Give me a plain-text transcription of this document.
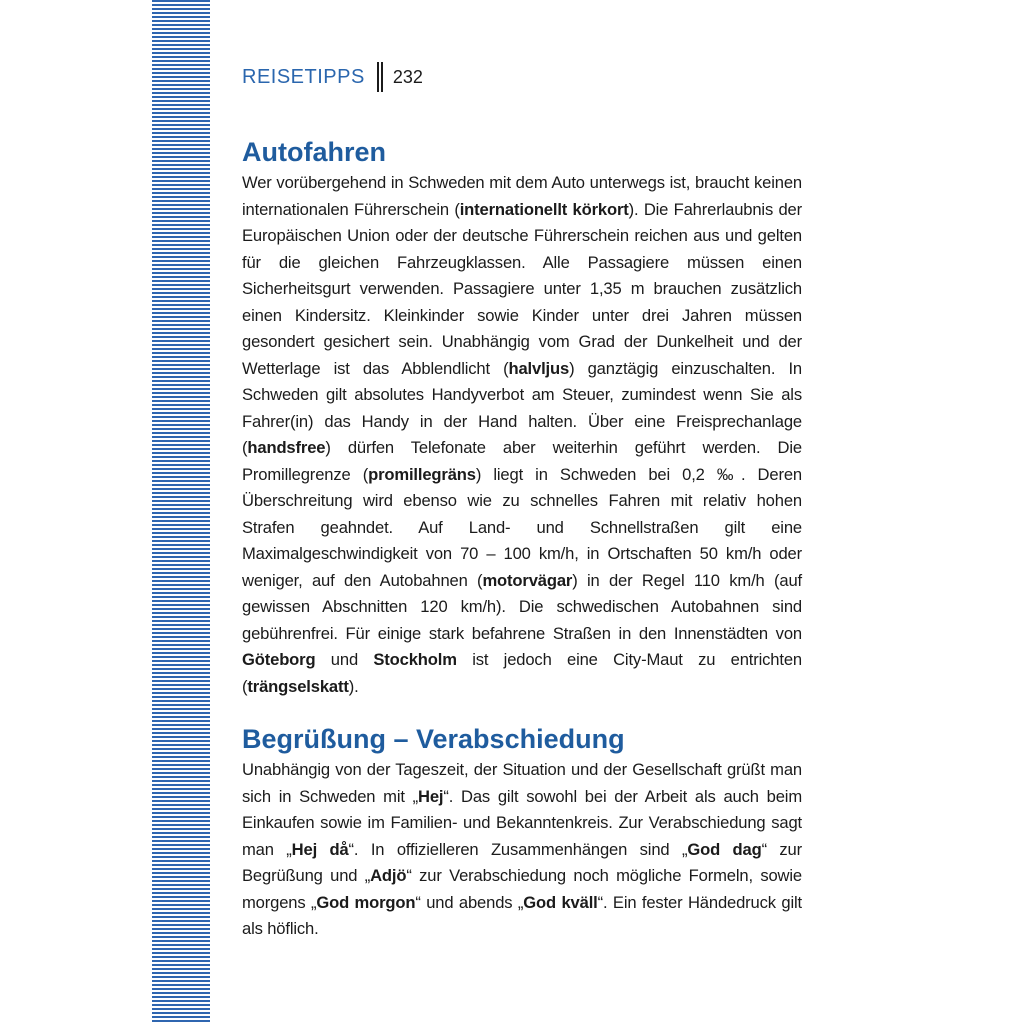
REISETIPPS 232
Autofahren

Wer vorübergehend in Schweden mit dem Auto unterwegs ist, braucht keinen internationalen Führerschein (internationellt körkort). Die Fahrerlaubnis der Europäischen Union oder der deutsche Führerschein reichen aus und gelten für die gleichen Fahrzeugklassen. Alle Passagiere müssen einen Sicherheitsgurt verwenden. Passagiere unter 1,35 m brauchen zusätzlich einen Kindersitz. Kleinkinder sowie Kinder unter drei Jahren müssen gesondert gesichert sein. Unabhängig vom Grad der Dunkelheit und der Wetterlage ist das Abblendlicht (halvljus) ganztägig einzuschalten. In Schweden gilt absolutes Handyverbot am Steuer, zumindest wenn Sie als Fahrer(in) das Handy in der Hand halten. Über eine Freisprechanlage (handsfree) dürfen Telefonate aber weiterhin geführt werden. Die Promillegrenze (promillegräns) liegt in Schweden bei 0,2 ‰. Deren Überschreitung wird ebenso wie zu schnelles Fahren mit relativ hohen Strafen geahndet. Auf Land- und Schnellstraßen gilt eine Maximalgeschwindigkeit von 70 – 100 km/h, in Ortschaften 50 km/h oder weniger, auf den Autobahnen (motorvägar) in der Regel 110 km/h (auf gewissen Abschnitten 120 km/h). Die schwedischen Autobahnen sind gebührenfrei. Für einige stark befahrene Straßen in den Innenstädten von Göteborg und Stockholm ist jedoch eine City-Maut zu entrichten (trängselskatt).

Begrüßung – Verabschiedung

Unabhängig von der Tageszeit, der Situation und der Gesellschaft grüßt man sich in Schweden mit „Hej“. Das gilt sowohl bei der Arbeit als auch beim Einkaufen sowie im Familien- und Bekanntenkreis. Zur Verabschiedung sagt man „Hej då“. In offizielleren Zusammenhängen sind „God dag“ zur Begrüßung und „Adjö“ zur Verabschiedung noch mögliche Formeln, sowie morgens „God morgon“ und abends „God kväll“. Ein fester Händedruck gilt als höflich.
